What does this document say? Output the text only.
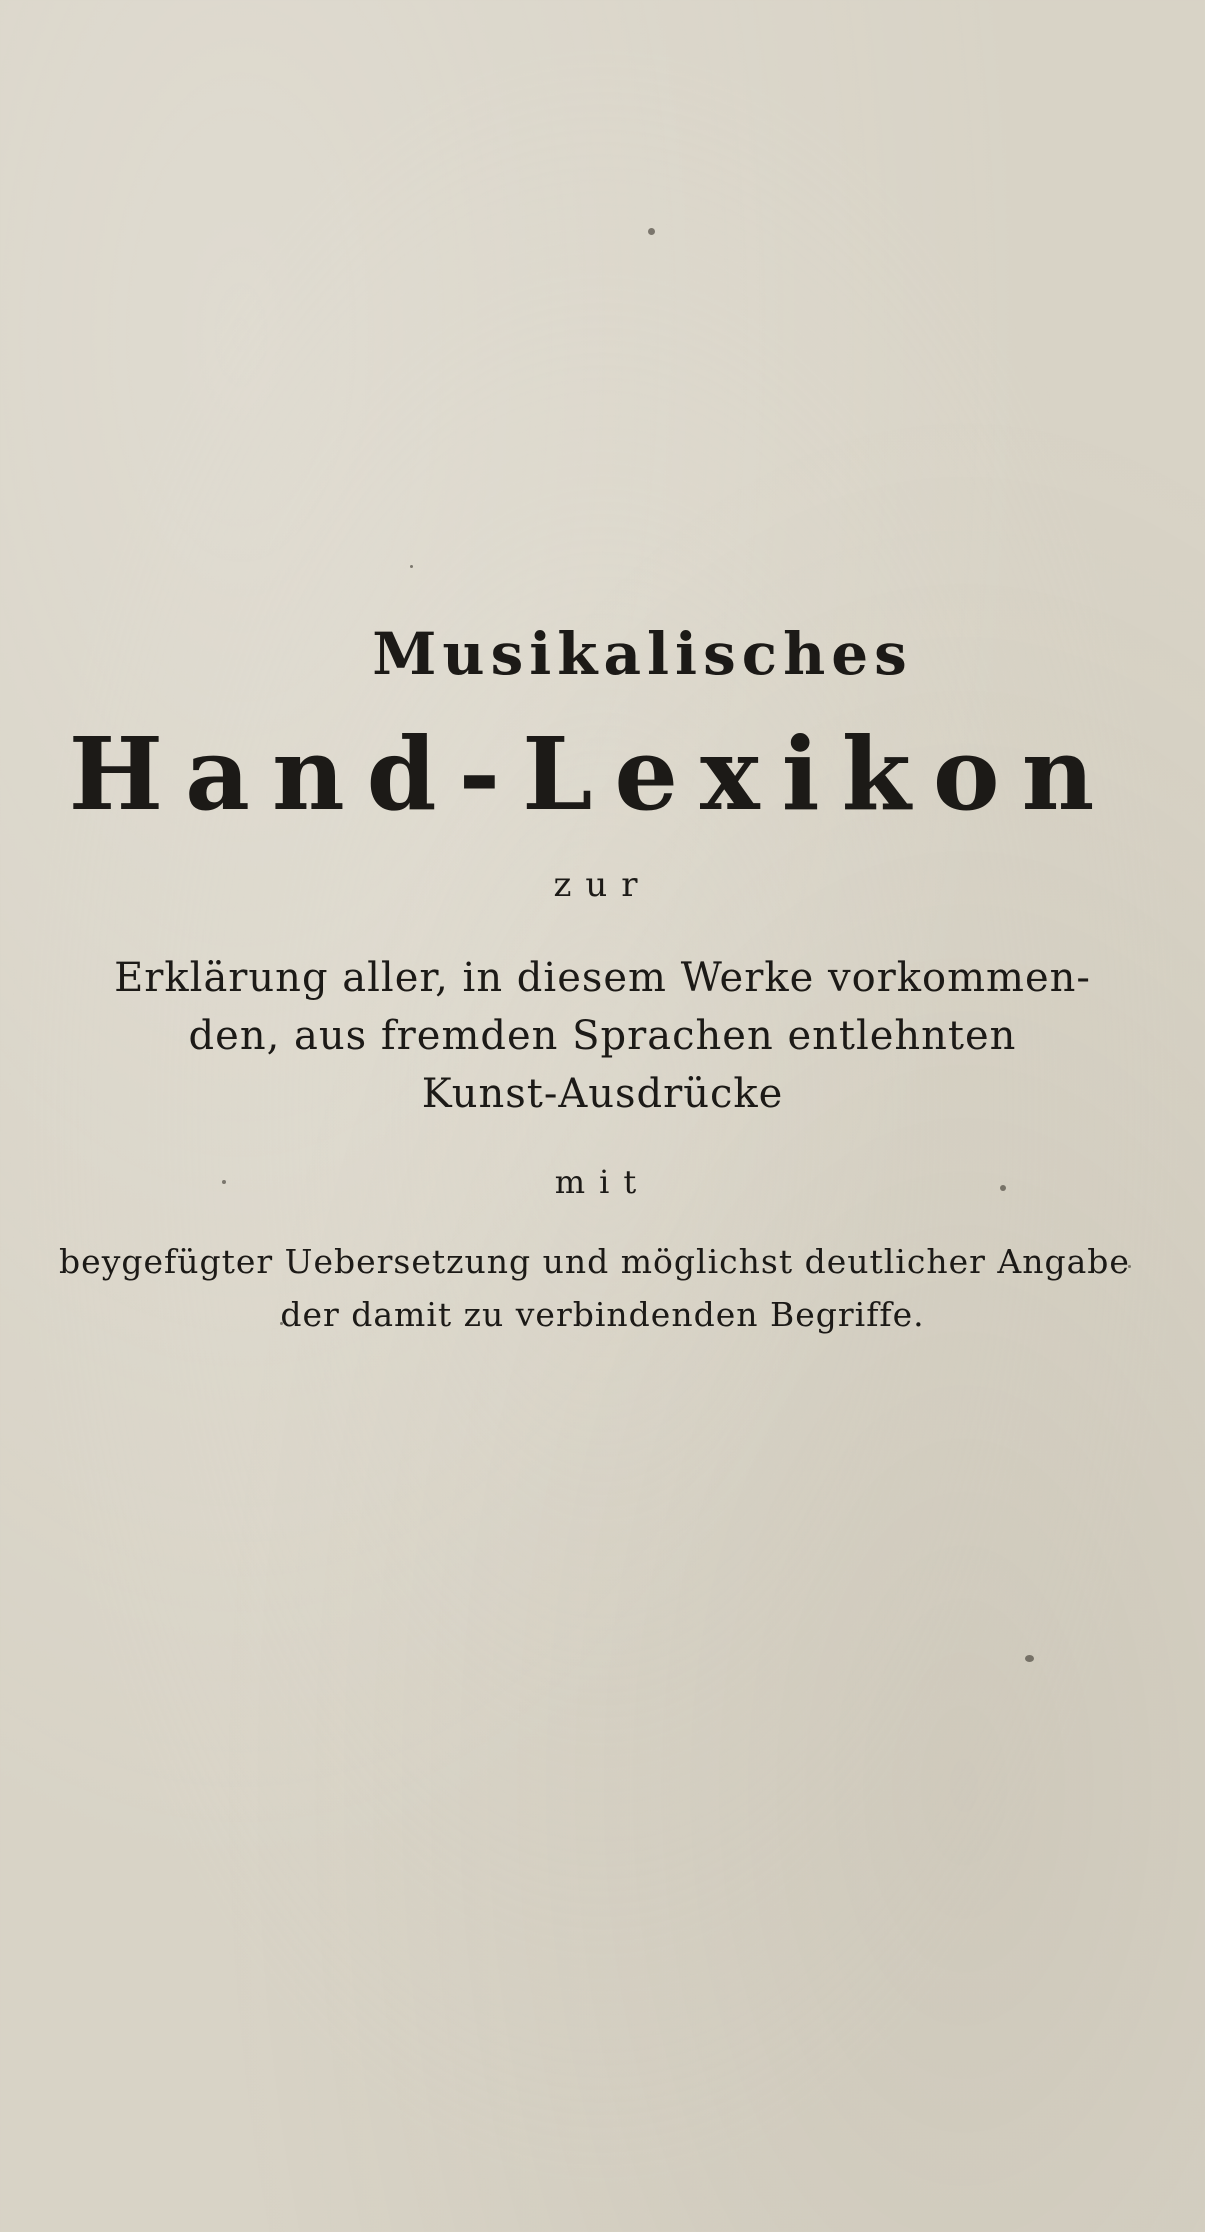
Musikalisches
Hand-Lexikon
zur
Erklärung aller, in diesem Werke vorkommen-
den, aus fremden Sprachen entlehnten
Kunst-Ausdrücke
mit
beygefügter Uebersetzung und möglichst deutlicher Angabe
der damit zu verbindenden Begriffe.
